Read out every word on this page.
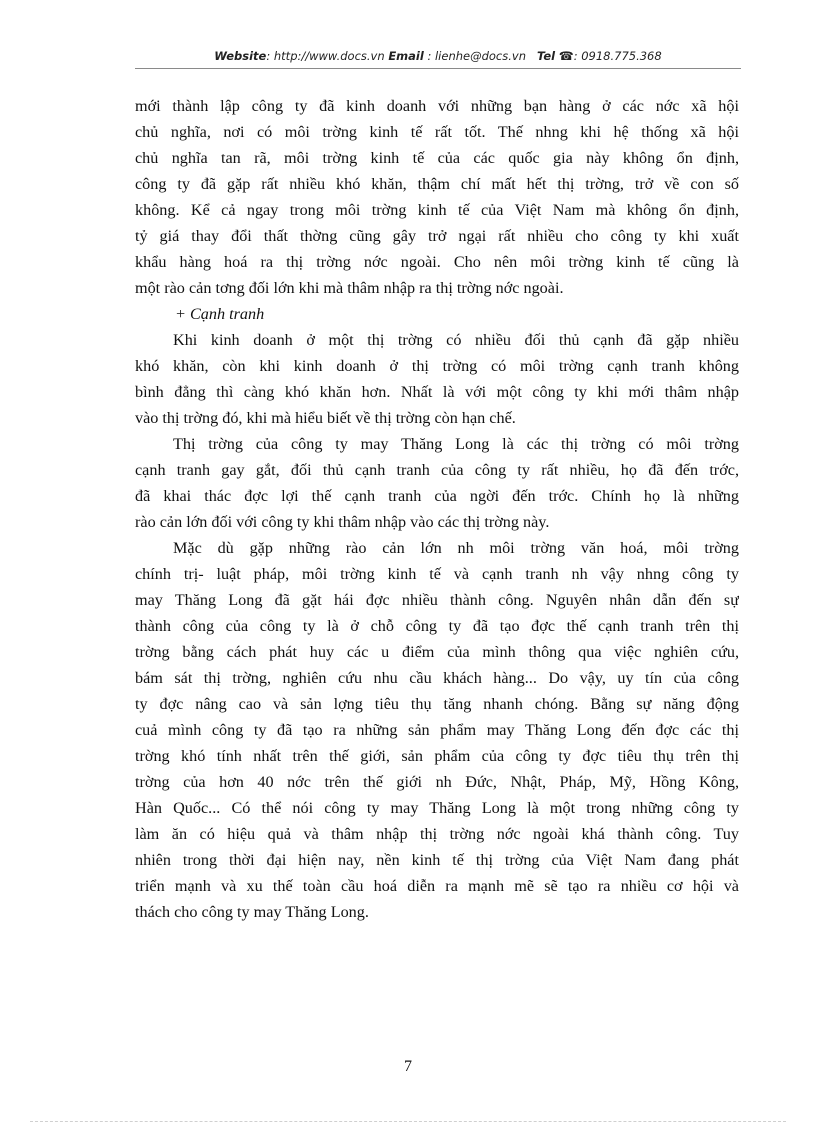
Website: http://www.docs.vn Email : lienhe@docs.vn Tel ☎: 0918.775.368
mới thành lập công ty đã kinh doanh với những bạn hàng ở các nớc xã hội
chủ nghĩa, nơi có môi trờng kinh tế rất tốt. Thế nhng khi hệ thống xã hội
chủ nghĩa tan rã, môi trờng kinh tế của các quốc gia này không ổn định,
công ty đã gặp rất nhiều khó khăn, thậm chí mất hết thị trờng, trở về con số
không. Kể cả ngay trong môi trờng kinh tế của Việt Nam mà không ổn định,
tỷ giá thay đổi thất thờng cũng gây trở ngại rất nhiều cho công ty khi xuất
khẩu hàng hoá ra thị trờng nớc ngoài. Cho nên môi trờng kinh tế cũng là
một rào cản tơng đối lớn khi mà thâm nhập ra thị trờng nớc ngoài.
+ Cạnh tranh
Khi kinh doanh ở một thị trờng có nhiều đối thủ cạnh đã gặp nhiều
khó khăn, còn khi kinh doanh ở thị trờng có môi trờng cạnh tranh không
bình đẳng thì càng khó khăn hơn. Nhất là với một công ty khi mới thâm nhập
vào thị trờng đó, khi mà hiểu biết về thị trờng còn hạn chế.
Thị trờng của công ty may Thăng Long là các thị trờng có môi trờng
cạnh tranh gay gắt, đối thủ cạnh tranh của công ty rất nhiều, họ đã đến trớc,
đã khai thác đợc lợi thế cạnh tranh của ngời đến trớc. Chính họ là những
rào cản lớn đối với công ty khi thâm nhập vào các thị trờng này.
Mặc dù gặp những rào cản lớn nh môi trờng văn hoá, môi trờng
chính trị- luật pháp, môi trờng kinh tế và cạnh tranh nh vậy nhng công ty
may Thăng Long đã gặt hái đợc nhiều thành công. Nguyên nhân dẫn đến sự
thành công của công ty là ở chỗ công ty đã tạo đợc thế cạnh tranh trên thị
trờng bằng cách phát huy các u điểm của mình thông qua việc nghiên cứu,
bám sát thị trờng, nghiên cứu nhu cầu khách hàng... Do vậy, uy tín của công
ty đợc nâng cao và sản lợng tiêu thụ tăng nhanh chóng. Bằng sự năng động
cuả mình công ty đã tạo ra những sản phẩm may Thăng Long đến đợc các thị
trờng khó tính nhất trên thế giới, sản phẩm của công ty đợc tiêu thụ trên thị
trờng của hơn 40 nớc trên thế giới nh Đức, Nhật, Pháp, Mỹ, Hồng Kông,
Hàn Quốc... Có thể nói công ty may Thăng Long là một trong những công ty
làm ăn có hiệu quả và thâm nhập thị trờng nớc ngoài khá thành công. Tuy
nhiên trong thời đại hiện nay, nền kinh tế thị trờng của Việt Nam đang phát
triển mạnh và xu thế toàn cầu hoá diễn ra mạnh mẽ sẽ tạo ra nhiều cơ hội và
thách cho công ty may Thăng Long.
7
